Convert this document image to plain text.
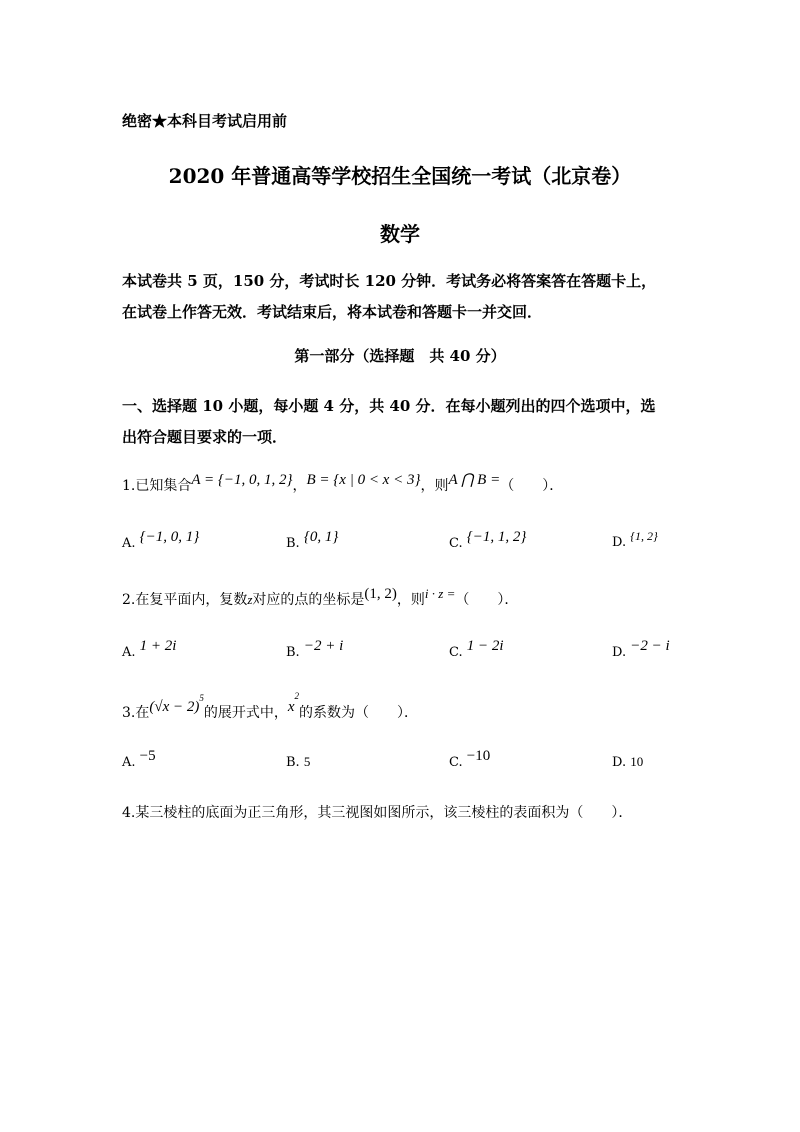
绝密★本科目考试启用前
2020 年普通高等学校招生全国统一考试（北京卷）
数学
本试卷共 5 页，150 分，考试时长 120 分钟．考试务必将答案答在答题卡上，
在试卷上作答无效．考试结束后，将本试卷和答题卡一并交回．
第一部分（选择题　共 40 分）
一、选择题 10 小题，每小题 4 分，共 40 分．在每小题列出的四个选项中，选
出符合题目要求的一项．
1.已知集合A = {−1, 0, 1, 2}，B = {x | 0 < x < 3}，则A ⋂ B =（　　）．
A. {−1, 0, 1}	B. {0, 1}	C. {−1, 1, 2}	D. {1, 2}
2.在复平面内，复数z对应的点的坐标是(1, 2)，则i · z =（　　）．
A. 1 + 2i	B. −2 + i	C. 1 − 2i	D. −2 − i
3.在$(√x - 2)^5$的展开式中，$x^2$的系数为（　　）．
A. −5	B. 5	C. −10	D. 10
4.某三棱柱的底面为正三角形，其三视图如图所示，该三棱柱的表面积为（　　）．
